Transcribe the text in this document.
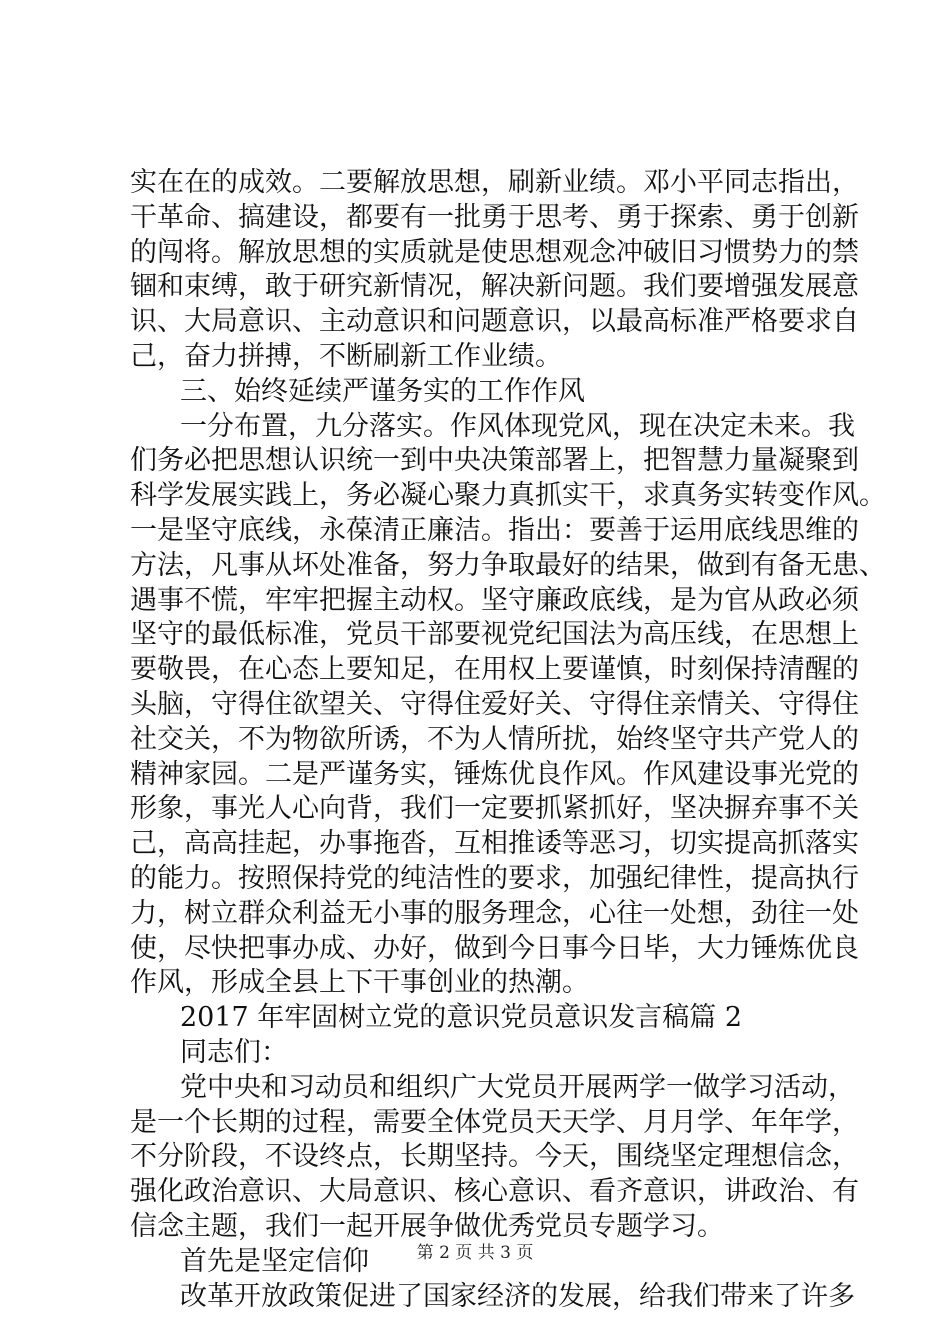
实在在的成效。二要解放思想，刷新业绩。邓小平同志指出，
干革命、搞建设，都要有一批勇于思考、勇于探索、勇于创新
的闯将。解放思想的实质就是使思想观念冲破旧习惯势力的禁
锢和束缚，敢于研究新情况，解决新问题。我们要增强发展意
识、大局意识、主动意识和问题意识，以最高标准严格要求自
己，奋力拼搏，不断刷新工作业绩。
三、始终延续严谨务实的工作作风
一分布置，九分落实。作风体现党风，现在决定未来。我
们务必把思想认识统一到中央决策部署上，把智慧力量凝聚到
科学发展实践上，务必凝心聚力真抓实干，求真务实转变作风。
一是坚守底线，永葆清正廉洁。指出：要善于运用底线思维的
方法，凡事从坏处准备，努力争取最好的结果，做到有备无患、
遇事不慌，牢牢把握主动权。坚守廉政底线，是为官从政必须
坚守的最低标准，党员干部要视党纪国法为高压线，在思想上
要敬畏，在心态上要知足，在用权上要谨慎，时刻保持清醒的
头脑，守得住欲望关、守得住爱好关、守得住亲情关、守得住
社交关，不为物欲所诱，不为人情所扰，始终坚守共产党人的
精神家园。二是严谨务实，锤炼优良作风。作风建设事光党的
形象，事光人心向背，我们一定要抓紧抓好，坚决摒弃事不关
己，高高挂起，办事拖沓，互相推诿等恶习，切实提高抓落实
的能力。按照保持党的纯洁性的要求，加强纪律性，提高执行
力，树立群众利益无小事的服务理念，心往一处想，劲往一处
使，尽快把事办成、办好，做到今日事今日毕，大力锤炼优良
作风，形成全县上下干事创业的热潮。
2017 年牢固树立党的意识党员意识发言稿篇 2
同志们：
党中央和习动员和组织广大党员开展两学一做学习活动，
是一个长期的过程，需要全体党员天天学、月月学、年年学，
不分阶段，不设终点，长期坚持。今天，围绕坚定理想信念，
强化政治意识、大局意识、核心意识、看齐意识，讲政治、有
信念主题，我们一起开展争做优秀党员专题学习。
首先是坚定信仰
改革开放政策促进了国家经济的发展，给我们带来了许多
第 2 页 共 3 页
